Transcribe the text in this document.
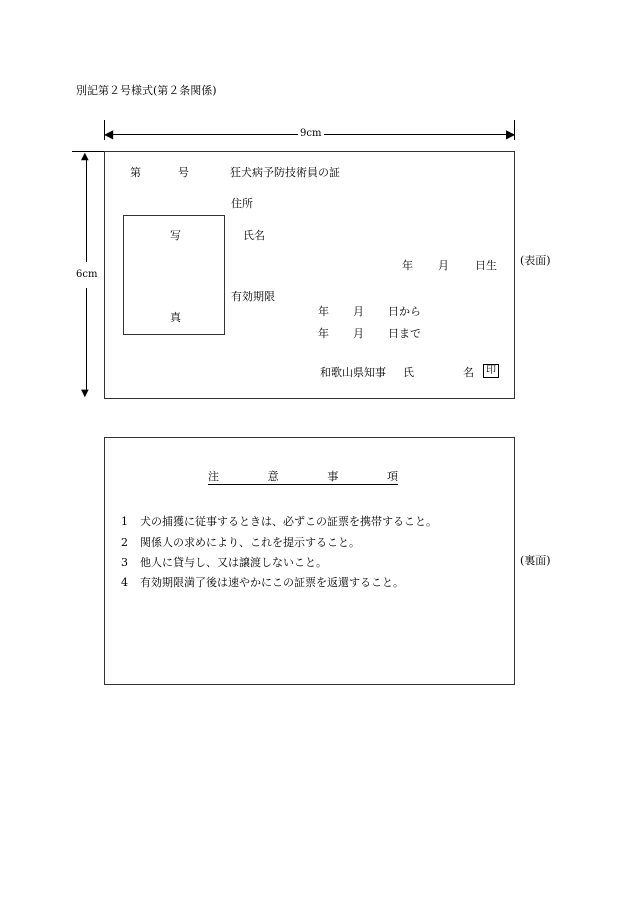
別記第２号様式(第２条関係)
◀	▶
9cm
▲
▼
6cm
第	号	狂犬病予防技術員の証
住所
写
真
氏名
年 月 日生 (表面)
有効期限
年 月 日から
年 月 日まで
和歌山県知事 氏	名	印
注	意	事	項
1 犬の捕獲に従事するときは、必ずこの証票を携帯すること。
2 関係人の求めにより、これを提示すること。
3 他人に貸与し、又は譲渡しないこと。
4 有効期限満了後は速やかにこの証票を返還すること。
(裏面)
